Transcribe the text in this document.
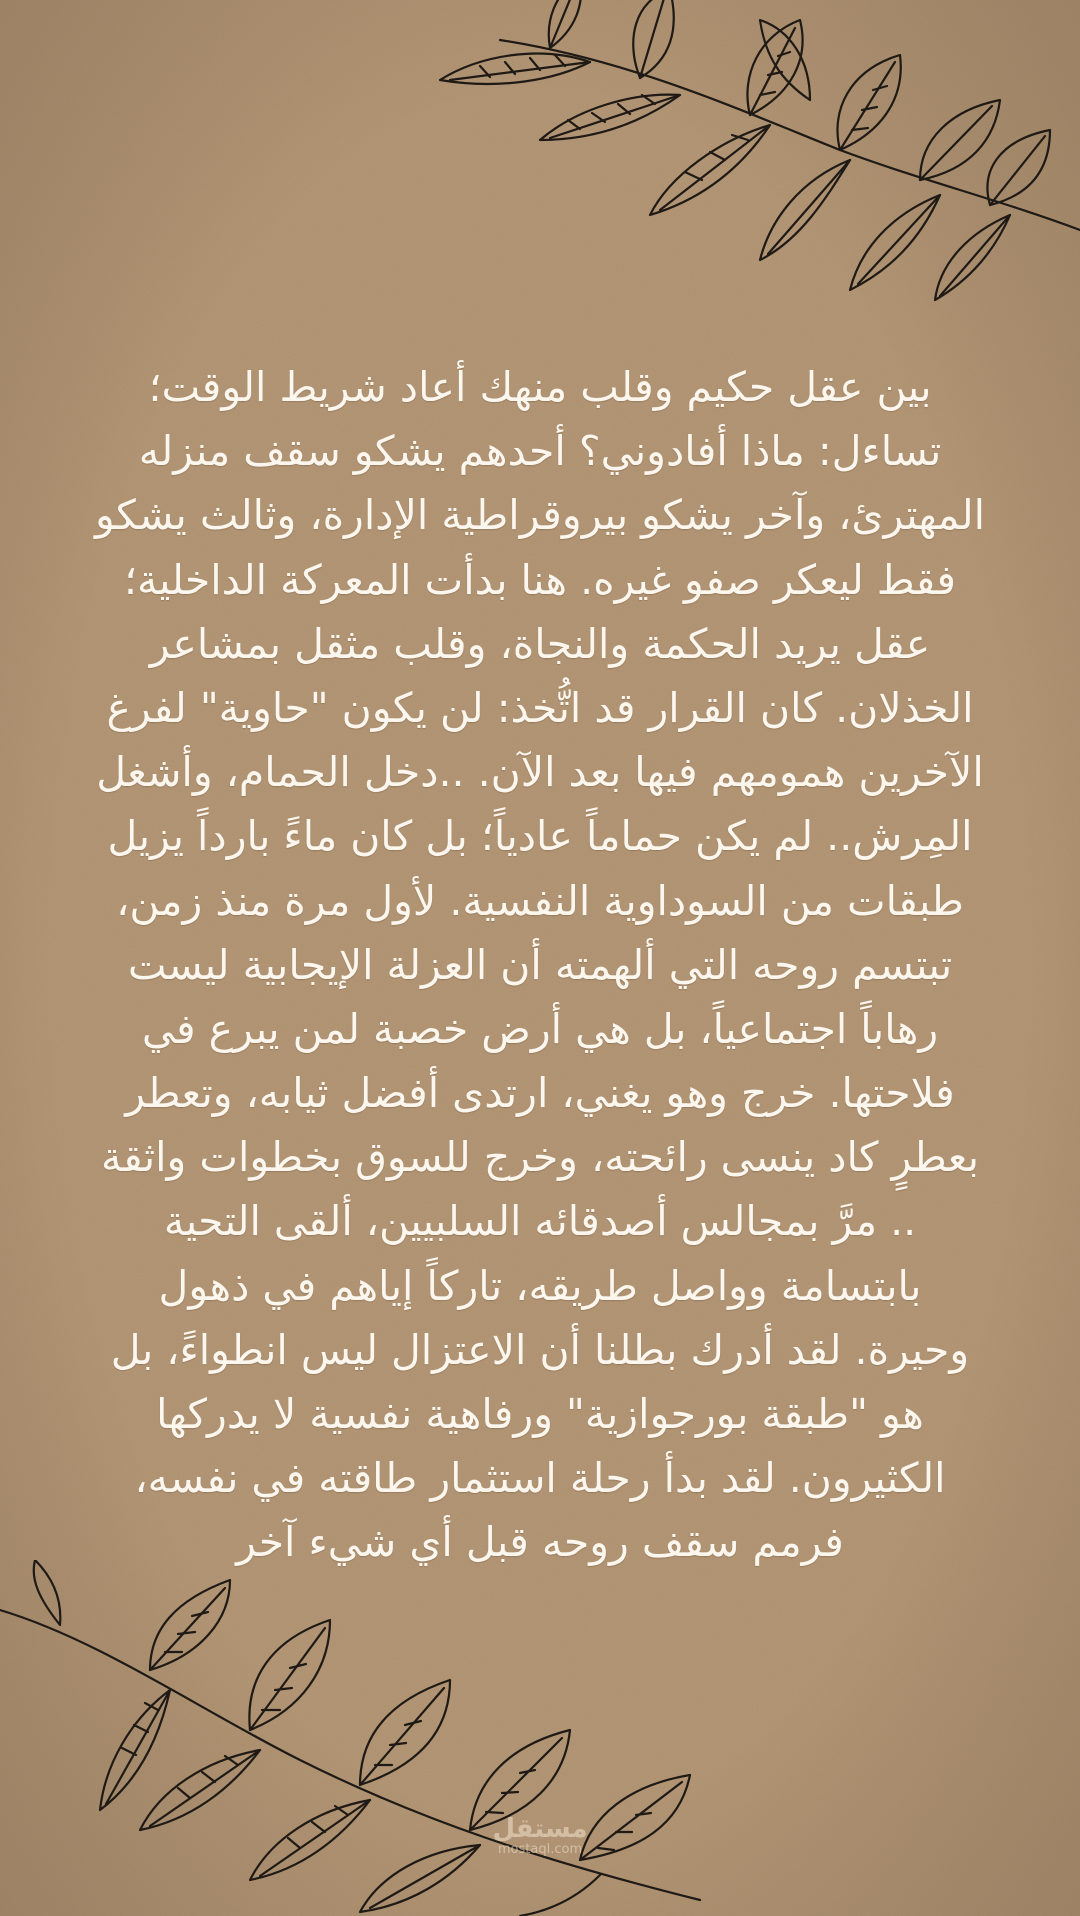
بين عقل حكيم وقلب منهك أعاد شريط الوقت؛
تساءل: ماذا أفادوني؟ أحدهم يشكو سقف منزله
المهترئ، وآخر يشكو بيروقراطية الإدارة، وثالث يشكو
فقط ليعكر صفو غيره. هنا بدأت المعركة الداخلية؛
عقل يريد الحكمة والنجاة، وقلب مثقل بمشاعر
الخذلان. كان القرار قد اتُّخذ: لن يكون "حاوية" لفرغ
الآخرين همومهم فيها بعد الآن. ..دخل الحمام، وأشغل
المِرش.. لم يكن حماماً عادياً؛ بل كان ماءً بارداً يزيل
طبقات من السوداوية النفسية. لأول مرة منذ زمن،
تبتسم روحه التي ألهمته أن العزلة الإيجابية ليست
رهاباً اجتماعياً، بل هي أرض خصبة لمن يبرع في
فلاحتها. خرج وهو يغني، ارتدى أفضل ثيابه، وتعطر
بعطرٍ كاد ينسى رائحته، وخرج للسوق بخطوات واثقة
.. مرَّ بمجالس أصدقائه السلبيين، ألقى التحية
بابتسامة وواصل طريقه، تاركاً إياهم في ذهول
وحيرة. لقد أدرك بطلنا أن الاعتزال ليس انطواءً، بل
هو "طبقة بورجوازية" ورفاهية نفسية لا يدركها
الكثيرون. لقد بدأ رحلة استثمار طاقته في نفسه،
فرمم سقف روحه قبل أي شيء آخر
مستقل
mostaql.com
